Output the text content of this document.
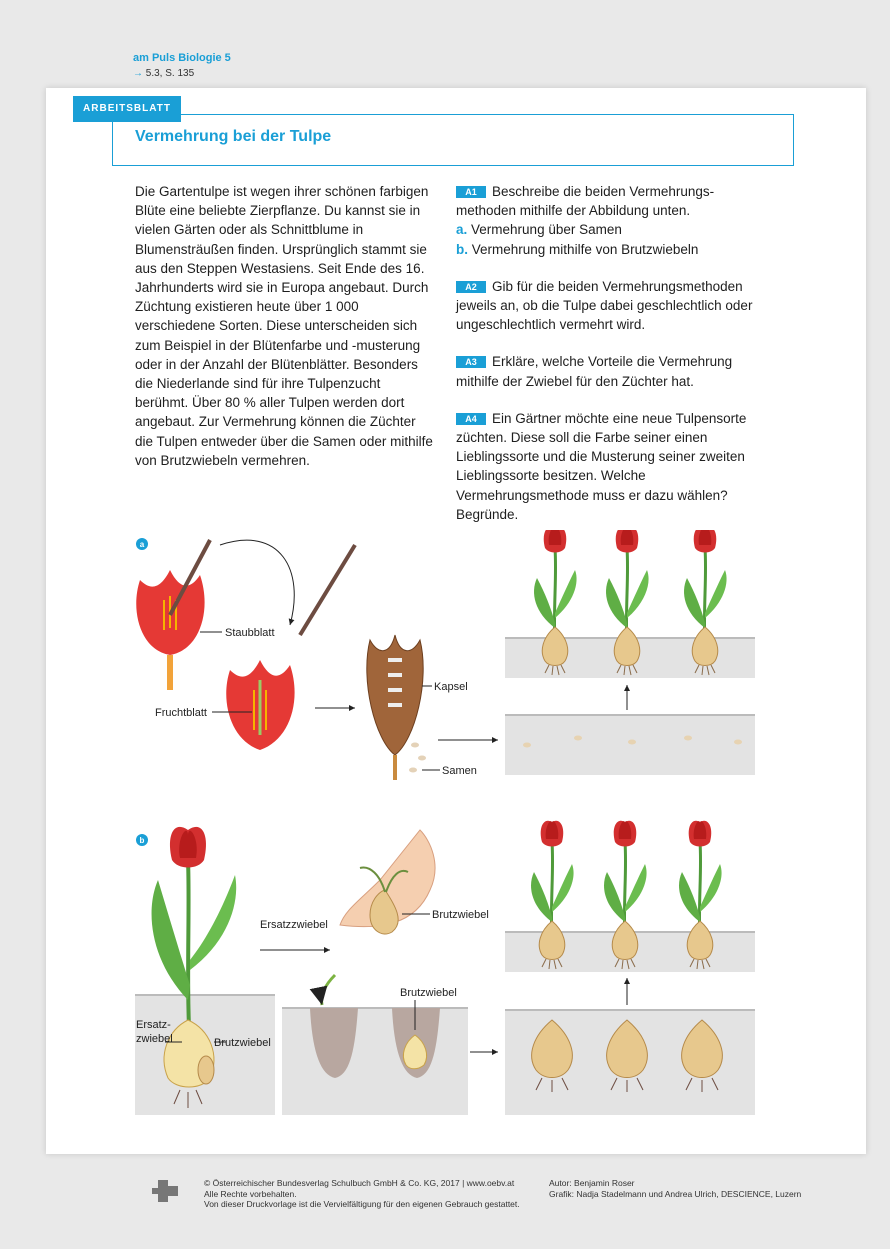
am Puls Biologie 5
→ 5.3, S. 135
ARBEITSBLATT
Vermehrung bei der Tulpe

Die Gartentulpe ist wegen ihrer schönen farbigen Blüte eine beliebte Zierpflanze. Du kannst sie in vielen Gärten oder als Schnittblume in Blumensträußen finden. Ursprünglich stammt sie aus den Steppen Westasiens. Seit Ende des 16. Jahrhunderts wird sie in Europa angebaut. Durch Züchtung existieren heute über 1 000 verschiedene Sorten. Diese unterscheiden sich zum Beispiel in der Blütenfarbe und -musterung oder in der Anzahl der Blütenblätter. Besonders die Niederlande sind für ihre Tulpenzucht berühmt. Über 80 % aller Tulpen werden dort angebaut. Zur Vermehrung können die Züchter die Tulpen entweder über die Samen oder mithilfe von Brutzwiebeln vermehren.

A1 Beschreibe die beiden Vermehrungsmethoden mithilfe der Abbildung unten.
a. Vermehrung über Samen
b. Vermehrung mithilfe von Brutzwiebeln
A2 Gib für die beiden Vermehrungsmethoden jeweils an, ob die Tulpe dabei geschlechtlich oder ungeschlechtlich vermehrt wird.
A3 Erkläre, welche Vorteile die Vermehrung mithilfe der Zwiebel für den Züchter hat.
A4 Ein Gärtner möchte eine neue Tulpensorte züchten. Diese soll die Farbe seiner einen Lieblingssorte und die Musterung seiner zweiten Lieblingssorte besitzen. Welche Vermehrungsmethode muss er dazu wählen? Begründe.
a
Staubblatt
Fruchtblatt
Kapsel
Samen
b
Ersatz-
zwiebel	Brutzwiebel
Ersatzzwiebel
Brutzwiebel
Brutzwiebel
© Österreichischer Bundesverlag Schulbuch GmbH & Co. KG, 2017 | www.oebv.at
Alle Rechte vorbehalten.
Von dieser Druckvorlage ist die Vervielfältigung für den eigenen Gebrauch gestattet.
Autor: Benjamin Roser
Grafik: Nadja Stadelmann und Andrea Ulrich, DESCIENCE, Luzern
